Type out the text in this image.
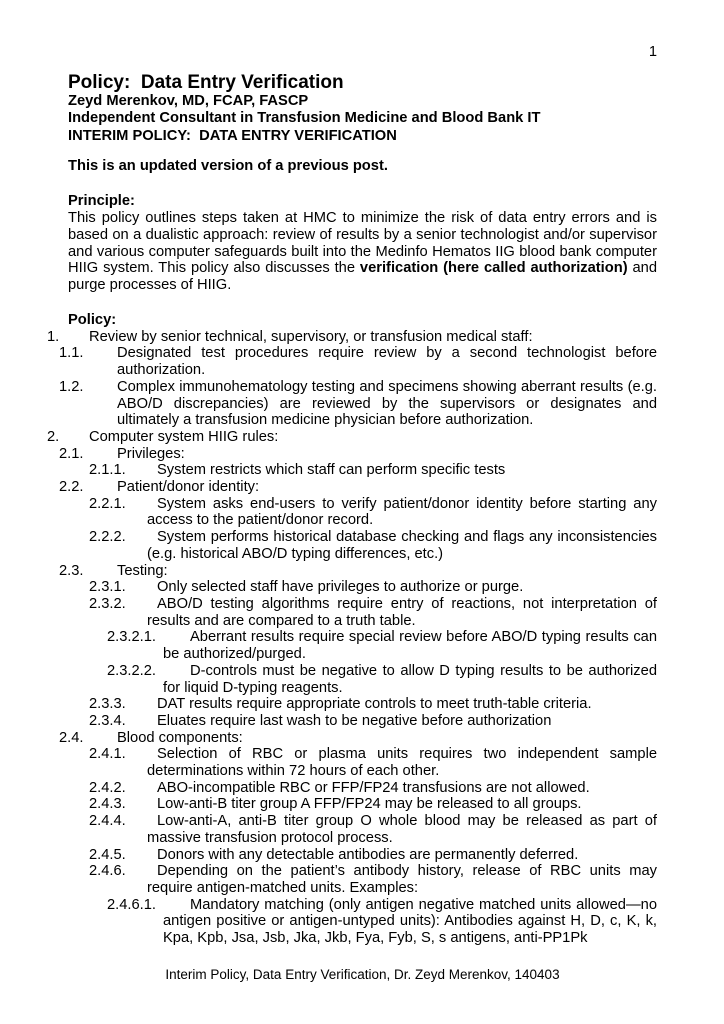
1
Policy:  Data Entry Verification
Zeyd Merenkov, MD, FCAP, FASCP
Independent Consultant in Transfusion Medicine and Blood Bank IT
INTERIM POLICY:  DATA ENTRY VERIFICATION
This is an updated version of a previous post.
Principle:
This policy outlines steps taken at HMC to minimize the risk of data entry errors and is based on a dualistic approach: review of results by a senior technologist and/or supervisor and various computer safeguards built into the Medinfo Hematos IIG blood bank computer HIIG system. This policy also discusses the verification (here called authorization) and purge processes of HIIG.
Policy:
1. Review by senior technical, supervisory, or transfusion medical staff:
1.1. Designated test procedures require review by a second technologist before authorization.
1.2. Complex immunohematology testing and specimens showing aberrant results (e.g. ABO/D discrepancies) are reviewed by the supervisors or designates and ultimately a transfusion medicine physician before authorization.
2. Computer system HIIG rules:
2.1. Privileges:
2.1.1. System restricts which staff can perform specific tests
2.2. Patient/donor identity:
2.2.1. System asks end-users to verify patient/donor identity before starting any access to the patient/donor record.
2.2.2. System performs historical database checking and flags any inconsistencies (e.g. historical ABO/D typing differences, etc.)
2.3. Testing:
2.3.1. Only selected staff have privileges to authorize or purge.
2.3.2. ABO/D testing algorithms require entry of reactions, not interpretation of results and are compared to a truth table.
2.3.2.1. Aberrant results require special review before ABO/D typing results can be authorized/purged.
2.3.2.2. D-controls must be negative to allow D typing results to be authorized for liquid D-typing reagents.
2.3.3. DAT results require appropriate controls to meet truth-table criteria.
2.3.4. Eluates require last wash to be negative before authorization
2.4. Blood components:
2.4.1. Selection of RBC or plasma units requires two independent sample determinations within 72 hours of each other.
2.4.2. ABO-incompatible RBC or FFP/FP24 transfusions are not allowed.
2.4.3. Low-anti-B titer group A FFP/FP24 may be released to all groups.
2.4.4. Low-anti-A, anti-B titer group O whole blood may be released as part of massive transfusion protocol process.
2.4.5. Donors with any detectable antibodies are permanently deferred.
2.4.6. Depending on the patient’s antibody history, release of RBC units may require antigen-matched units. Examples:
2.4.6.1. Mandatory matching (only antigen negative matched units allowed—no antigen positive or antigen-untyped units): Antibodies against H, D, c, K, k, Kpa, Kpb, Jsa, Jsb, Jka, Jkb, Fya, Fyb, S, s antigens, anti-PP1Pk
Interim Policy, Data Entry Verification, Dr. Zeyd Merenkov, 140403
